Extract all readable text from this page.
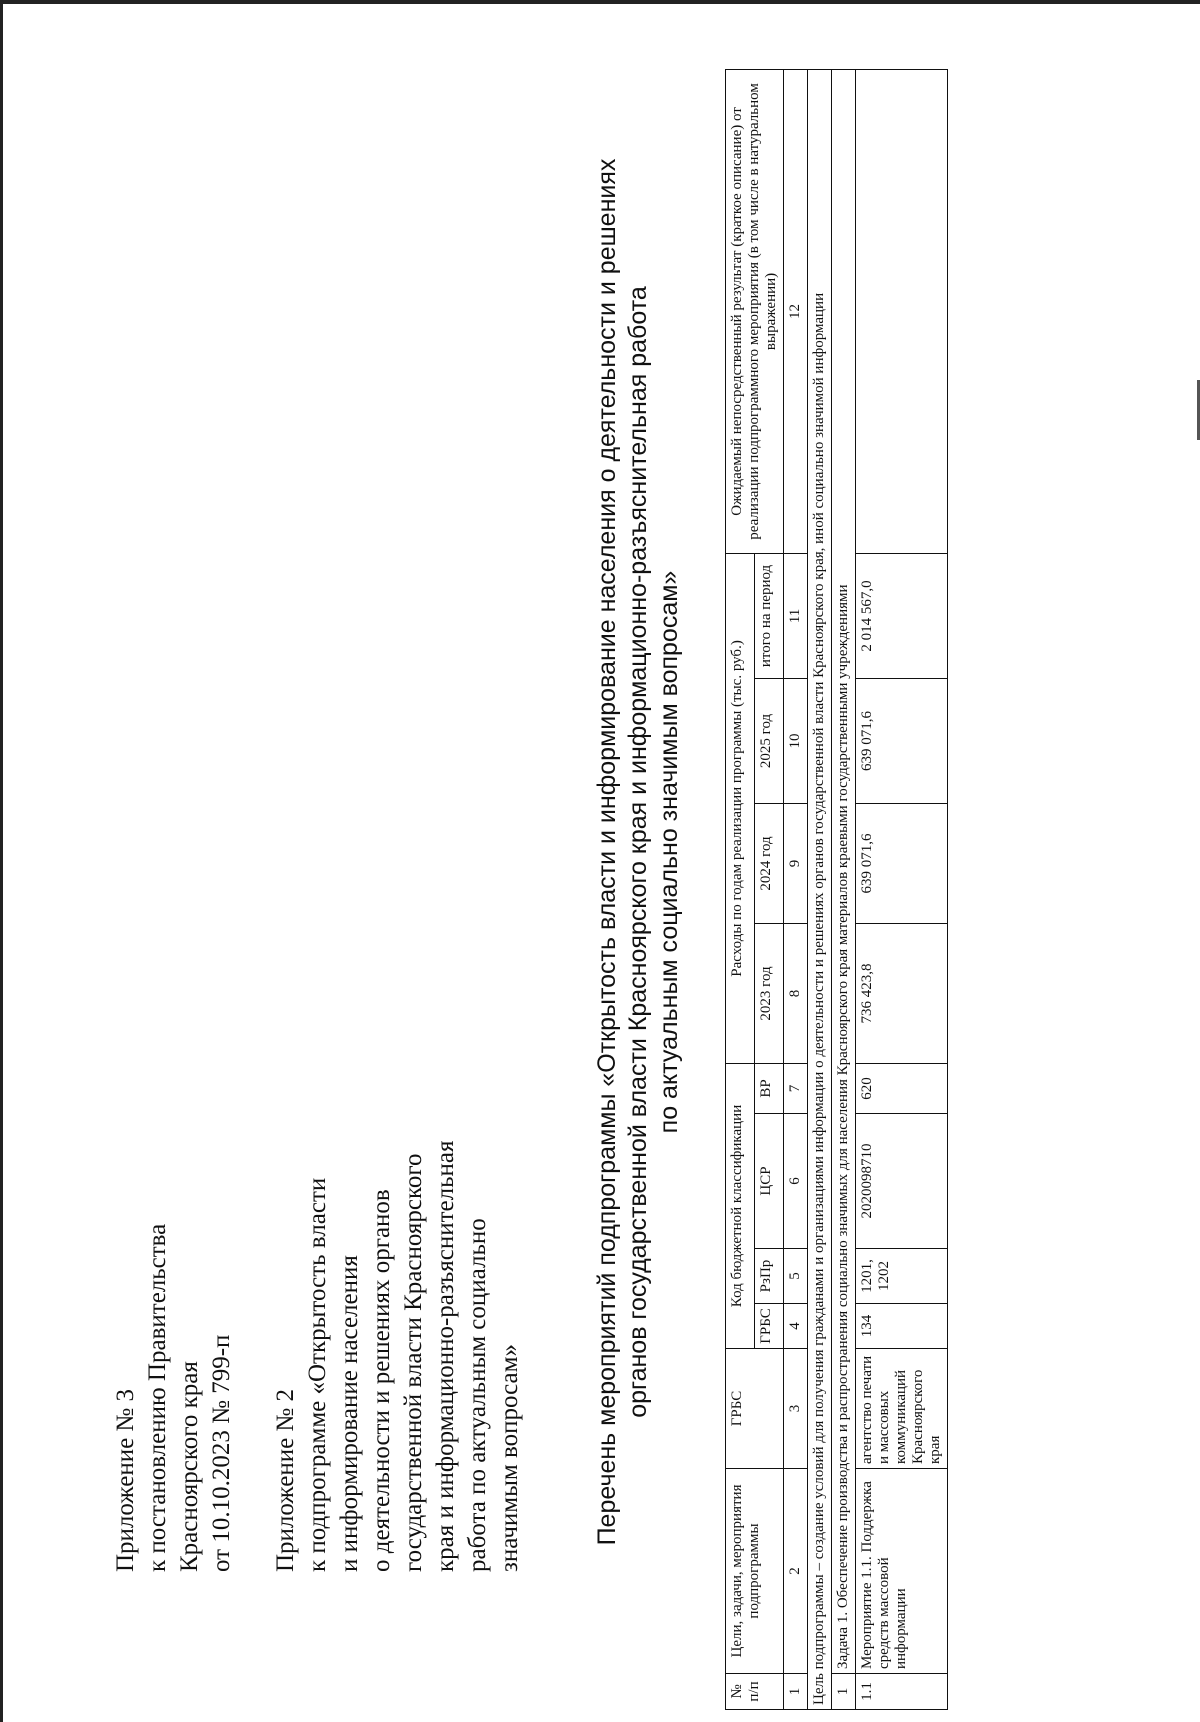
Приложение № 3 к постановлению Правительства Красноярского края от 10.10.2023 № 799-п Приложение № 2 к подпрограмме «Открытость власти и информирование населения о деятельности и решениях органов государственной власти Красноярского края и информационно-разъяснительная работа по актуальным социально значимым вопросам»	Перечень мероприятий подпрограммы «Открытость власти и информирование населения о деятельности и решениях органов государственной власти Красноярского края и информационно-разъяснительная работа по актуальным социально значимым вопросам»
№ п/п	Цели, задачи, мероприятия подпрограммы	ГРБС	Код бюджетной классификации				Расходы по годам реализации программы (тыс. руб.)				Ожидаемый непосредственный результат (краткое описание) от реализации подпрограммного мероприятия (в том числе в натуральном выражении)
			ГРБС	РзПр	ЦСР	ВР	2023 год	2024 год	2025 год	итого на период	
1	2	3	4	5	6	7	8	9	10	11	12
Цель подпрограммы – создание условий для получения гражданами и организациями информации о деятельности и решениях органов государственной власти Красноярского края, иной социально значимой информации											
1	Задача 1. Обеспечение производства и распространения социально значимых для населения Красноярского края материалов краевыми государственными учреждениями										
1.1	Мероприятие 1.1. Поддержка средств массовой информации	агентство печати и массовых коммуникаций Красноярского края	134	1201, 1202	2020098710	620	736 423,8	639 071,6	639 071,6	2 014 567,0	
